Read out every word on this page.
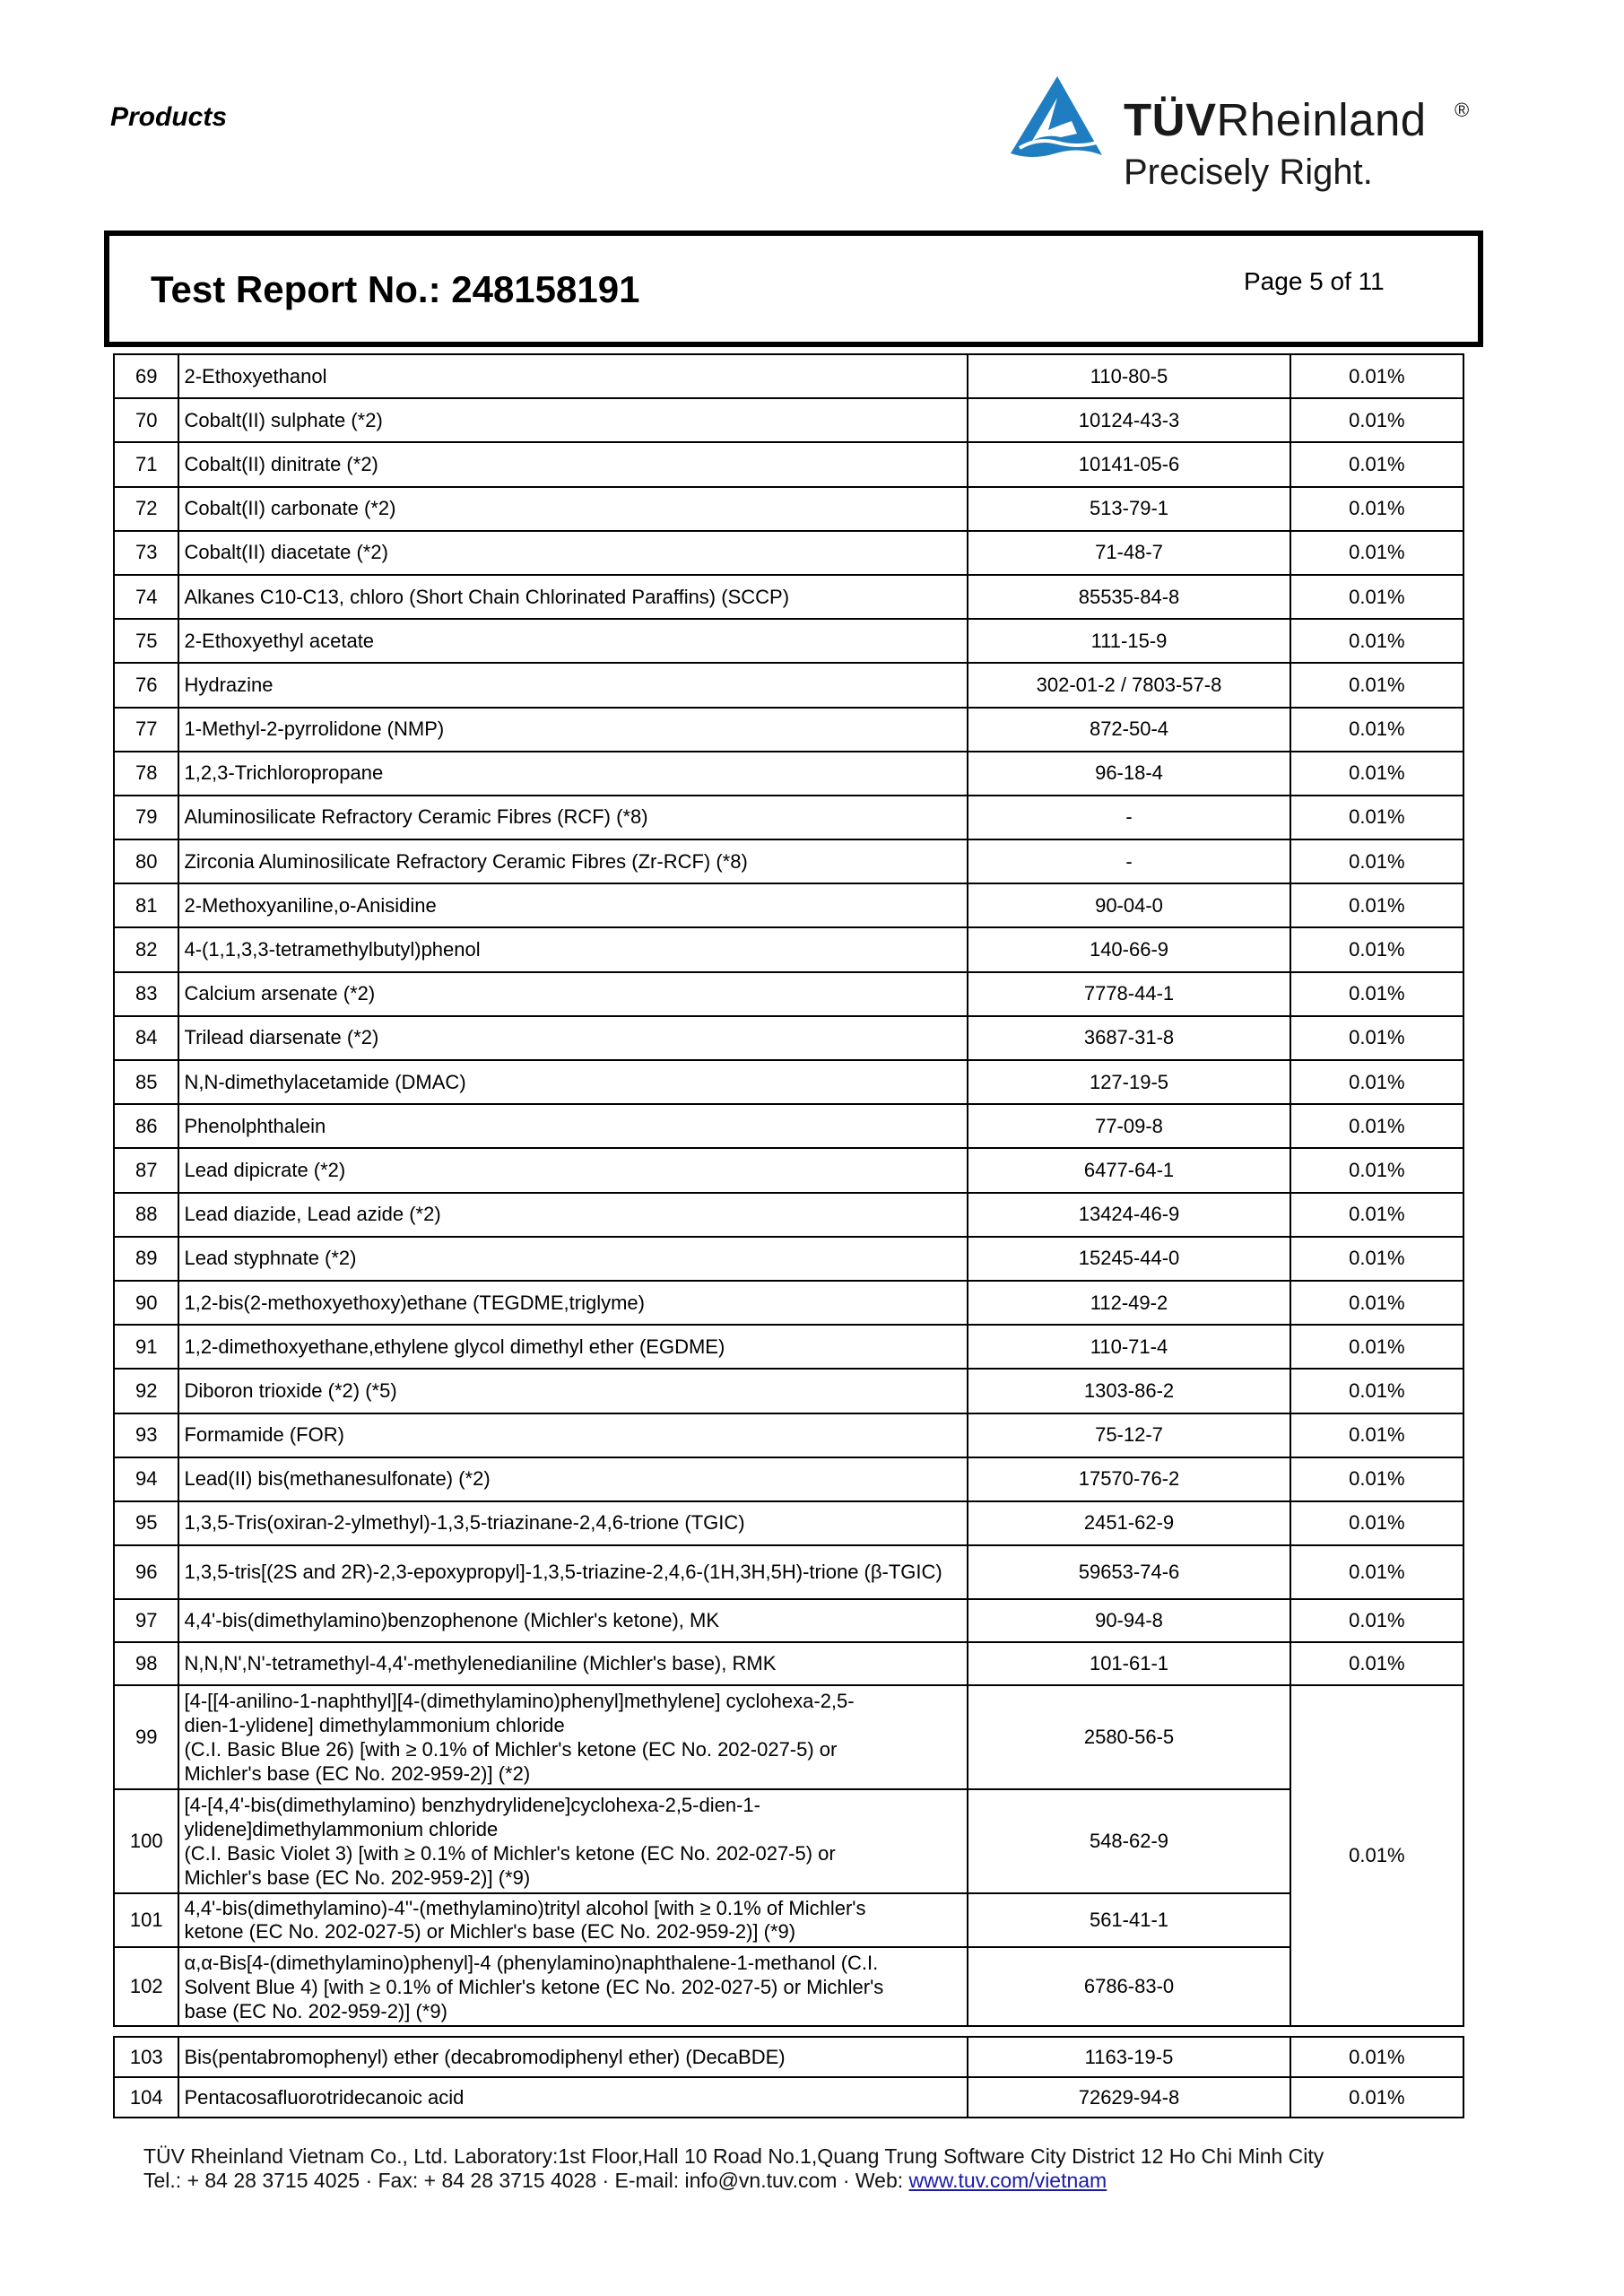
Products	TÜVRheinland ®
Precisely Right.
Test Report No.: 248158191	Page 5 of 11
69	2-Ethoxyethanol	110-80-5	0.01%
70	Cobalt(II) sulphate (*2)	10124-43-3	0.01%
71	Cobalt(II) dinitrate (*2)	10141-05-6	0.01%
72	Cobalt(II) carbonate (*2)	513-79-1	0.01%
73	Cobalt(II) diacetate (*2)	71-48-7	0.01%
74	Alkanes C10-C13, chloro (Short Chain Chlorinated Paraffins) (SCCP)	85535-84-8	0.01%
75	2-Ethoxyethyl acetate	111-15-9	0.01%
76	Hydrazine	302-01-2 / 7803-57-8	0.01%
77	1-Methyl-2-pyrrolidone (NMP)	872-50-4	0.01%
78	1,2,3-Trichloropropane	96-18-4	0.01%
79	Aluminosilicate Refractory Ceramic Fibres (RCF) (*8)	-	0.01%
80	Zirconia Aluminosilicate Refractory Ceramic Fibres (Zr-RCF) (*8)	-	0.01%
81	2-Methoxyaniline,o-Anisidine	90-04-0	0.01%
82	4-(1,1,3,3-tetramethylbutyl)phenol	140-66-9	0.01%
83	Calcium arsenate (*2)	7778-44-1	0.01%
84	Trilead diarsenate (*2)	3687-31-8	0.01%
85	N,N-dimethylacetamide (DMAC)	127-19-5	0.01%
86	Phenolphthalein	77-09-8	0.01%
87	Lead dipicrate (*2)	6477-64-1	0.01%
88	Lead diazide, Lead azide (*2)	13424-46-9	0.01%
89	Lead styphnate (*2)	15245-44-0	0.01%
90	1,2-bis(2-methoxyethoxy)ethane (TEGDME,triglyme)	112-49-2	0.01%
91	1,2-dimethoxyethane,ethylene glycol dimethyl ether (EGDME)	110-71-4	0.01%
92	Diboron trioxide (*2) (*5)	1303-86-2	0.01%
93	Formamide (FOR)	75-12-7	0.01%
94	Lead(II) bis(methanesulfonate) (*2)	17570-76-2	0.01%
95	1,3,5-Tris(oxiran-2-ylmethyl)-1,3,5-triazinane-2,4,6-trione (TGIC)	2451-62-9	0.01%
96	1,3,5-tris[(2S and 2R)-2,3-epoxypropyl]-1,3,5-triazine-2,4,6-(1H,3H,5H)-trione (β-TGIC)	59653-74-6	0.01%
97	4,4'-bis(dimethylamino)benzophenone (Michler's ketone), MK	90-94-8	0.01%
98	N,N,N',N'-tetramethyl-4,4'-methylenedianiline (Michler's base), RMK	101-61-1	0.01%
99	[4-[[4-anilino-1-naphthyl][4-(dimethylamino)phenyl]methylene] cyclohexa-2,5-
dien-1-ylidene] dimethylammonium chloride
(C.I. Basic Blue 26) [with ≥ 0.1% of Michler's ketone (EC No. 202-027-5) or
Michler's base (EC No. 202-959-2)] (*2)	2580-56-5	0.01%
100	[4-[4,4'-bis(dimethylamino) benzhydrylidene]cyclohexa-2,5-dien-1-
ylidene]dimethylammonium chloride
(C.I. Basic Violet 3) [with ≥ 0.1% of Michler's ketone (EC No. 202-027-5) or
Michler's base (EC No. 202-959-2)] (*9)	548-62-9	
101	4,4'-bis(dimethylamino)-4''-(methylamino)trityl alcohol [with ≥ 0.1% of Michler's
ketone (EC No. 202-027-5) or Michler's base (EC No. 202-959-2)] (*9)	561-41-1	
102	α,α-Bis[4-(dimethylamino)phenyl]-4 (phenylamino)naphthalene-1-methanol (C.I.
Solvent Blue 4) [with ≥ 0.1% of Michler's ketone (EC No. 202-027-5) or Michler's
base (EC No. 202-959-2)] (*9)	6786-83-0	
103	Bis(pentabromophenyl) ether (decabromodiphenyl ether) (DecaBDE)	1163-19-5	0.01%
104	Pentacosafluorotridecanoic acid	72629-94-8	0.01%
TÜV Rheinland Vietnam Co., Ltd. Laboratory:1st Floor,Hall 10 Road No.1,Quang Trung Software City District 12 Ho Chi Minh City
Tel.: + 84 28 3715 4025 · Fax: + 84 28 3715 4028 · E-mail: info@vn.tuv.com · Web: www.tuv.com/vietnam
